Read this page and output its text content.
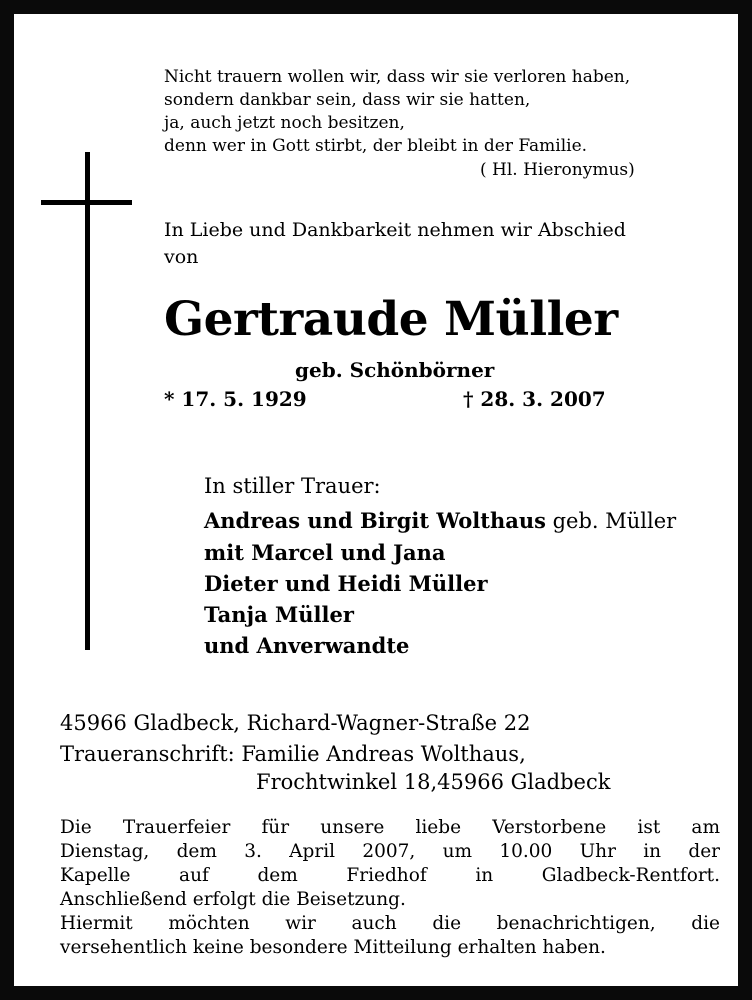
Nicht trauern wollen wir, dass wir sie verloren haben,
sondern dankbar sein, dass wir sie hatten,
ja, auch jetzt noch besitzen,
denn wer in Gott stirbt, der bleibt in der Familie.
( Hl. Hieronymus)
In Liebe und Dankbarkeit nehmen wir Abschied
von
Gertraude Müller
geb. Schönbörner
* 17. 5. 1929	† 28. 3. 2007
In stiller Trauer:
Andreas und Birgit Wolthaus geb. Müller
mit Marcel und Jana
Dieter und Heidi Müller
Tanja Müller
und Anverwandte
45966 Gladbeck, Richard-Wagner-Straße 22
Traueranschrift: Familie Andreas Wolthaus,
Frochtwinkel 18,45966 Gladbeck
Die Trauerfeier für unsere liebe Verstorbene ist am
Dienstag, dem 3. April 2007, um 10.00 Uhr in der
Kapelle auf dem Friedhof in Gladbeck-Rentfort.
Anschließend erfolgt die Beisetzung.
Hiermit möchten wir auch die benachrichtigen, die
versehentlich keine besondere Mitteilung erhalten haben.
